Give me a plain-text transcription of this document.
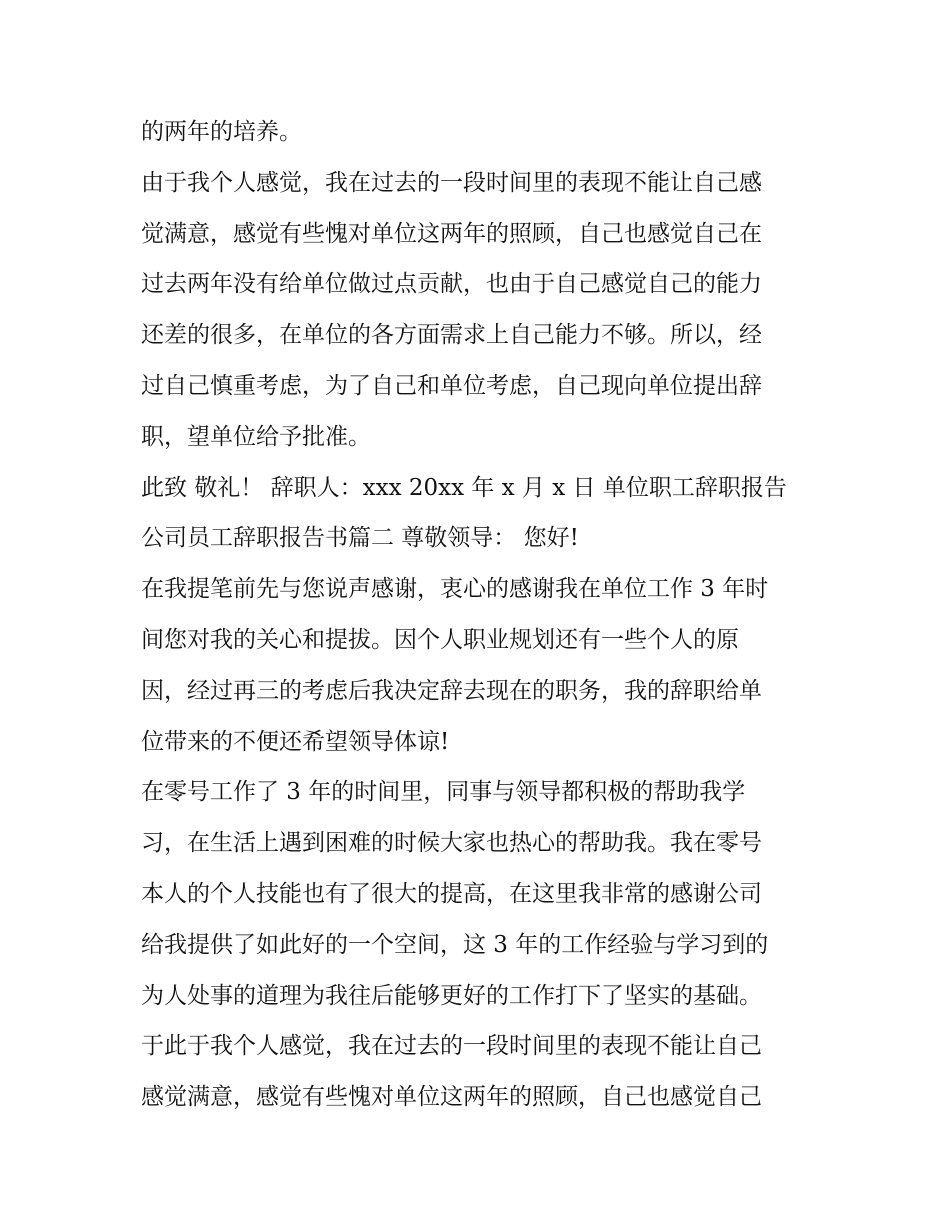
的两年的培养。
由于我个人感觉，我在过去的一段时间里的表现不能让自己感
觉满意，感觉有些愧对单位这两年的照顾，自己也感觉自己在
过去两年没有给单位做过点贡献，也由于自己感觉自己的能力
还差的很多，在单位的各方面需求上自己能力不够。所以，经
过自己慎重考虑，为了自己和单位考虑，自己现向单位提出辞
职，望单位给予批准。
此致 敬礼！ 辞职人：xxx 20xx 年 x 月 x 日 单位职工辞职报告
公司员工辞职报告书篇二 尊敬领导： 您好!
在我提笔前先与您说声感谢，衷心的感谢我在单位工作 3 年时
间您对我的关心和提拔。因个人职业规划还有一些个人的原
因，经过再三的考虑后我决定辞去现在的职务，我的辞职给单
位带来的不便还希望领导体谅!
在零号工作了 3 年的时间里，同事与领导都积极的帮助我学
习，在生活上遇到困难的时候大家也热心的帮助我。我在零号
本人的个人技能也有了很大的提高，在这里我非常的感谢公司
给我提供了如此好的一个空间，这 3 年的工作经验与学习到的
为人处事的道理为我往后能够更好的工作打下了坚实的基础。
于此于我个人感觉，我在过去的一段时间里的表现不能让自己
感觉满意，感觉有些愧对单位这两年的照顾，自己也感觉自己
